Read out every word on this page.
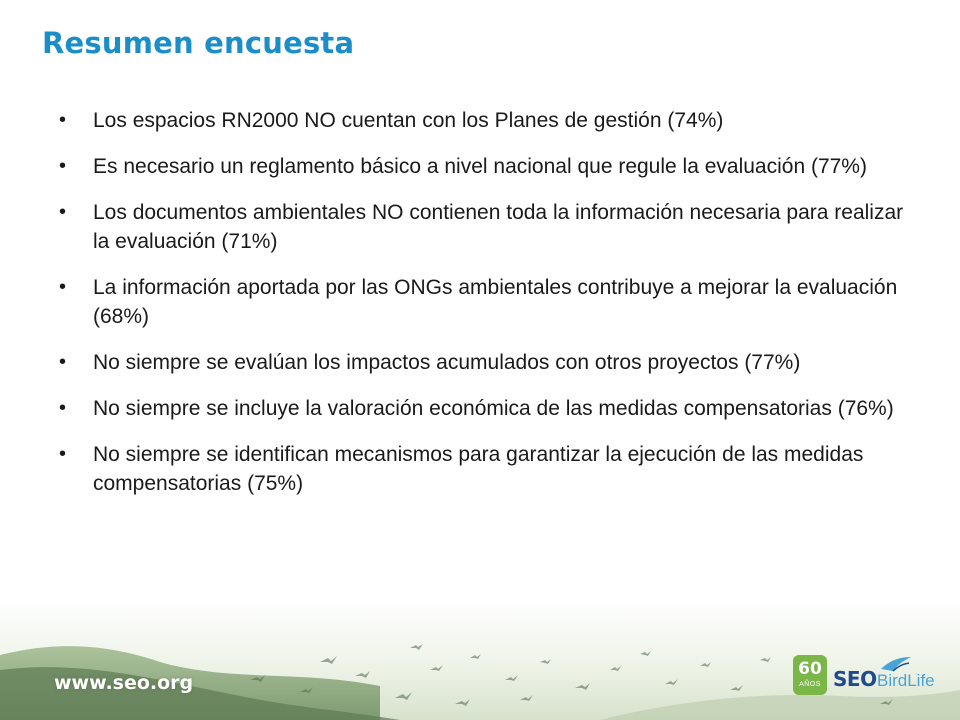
Resumen encuesta
• Los espacios RN2000 NO cuentan con los Planes de gestión (74%)
• Es necesario un reglamento básico a nivel nacional que regule la evaluación (77%)
• Los documentos ambientales NO contienen toda la información necesaria para realizar la evaluación (71%)
• La información aportada por las ONGs ambientales contribuye a mejorar la evaluación (68%)
• No siempre se evalúan los impactos acumulados con otros proyectos (77%)
• No siempre se incluye la valoración económica de las medidas compensatorias (76%)
• No siempre se identifican mecanismos para garantizar la ejecución de las medidas compensatorias (75%)
www.seo.org
60
AÑOS SEO BirdLife
